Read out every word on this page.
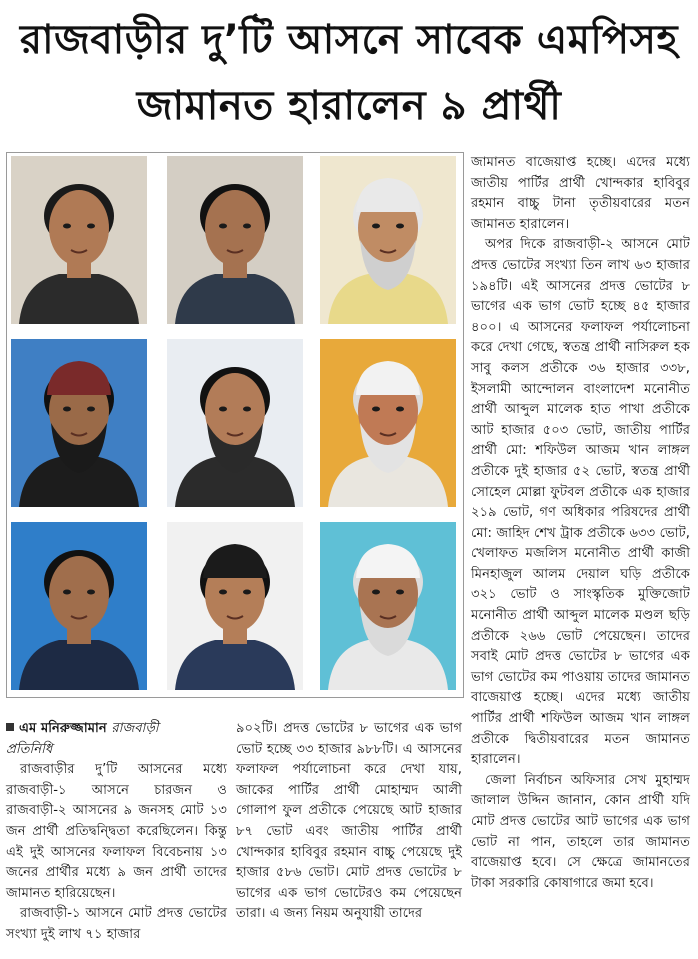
রাজবাড়ীর দু’টি আসনে সাবেক এমপিসহ
জামানত হারালেন ৯ প্রার্থী

এম মনিরুজ্জামান রাজবাড়ী

প্রতিনিধি

রাজবাড়ীর দু’টি আসনের মধ্যে রাজবাড়ী-১ আসনে চারজন ও রাজবাড়ী-২ আসনের ৯ জনসহ মোট ১৩ জন প্রার্থী প্রতিদ্বন্দ্বিতা করেছিলেন। কিন্তু এই দুই আসনের ফলাফল বিবেচনায় ১৩ জনের প্রার্থীর মধ্যে ৯ জন প্রার্থী তাদের জামানত হারিয়েছেন।

রাজবাড়ী-১ আসনে মোট প্রদত্ত ভোটের সংখ্যা দুই লাখ ৭১ হাজার

৯০২টি। প্রদত্ত ভোটের ৮ ভাগের এক ভাগ ভোট হচ্ছে ৩৩ হাজার ৯৮৮টি। এ আসনের ফলাফল পর্যালোচনা করে দেখা যায়, জাকের পার্টির প্রার্থী মোহাম্মদ আলী গোলাপ ফুল প্রতীকে পেয়েছে আট হাজার ৮৭ ভোট এবং জাতীয় পার্টির প্রার্থী খোন্দকার হাবিবুর রহমান বাচ্চু পেয়েছে দুই হাজার ৫৮৬ ভোট। মোট প্রদত্ত ভোটের ৮ ভাগের এক ভাগ ভোটেরও কম পেয়েছেন তারা। এ জন্য নিয়ম অনুযায়ী তাদের

জামানত বাজেয়াপ্ত হচ্ছে। এদের মধ্যে জাতীয় পার্টির প্রার্থী খোন্দকার হাবিবুর রহমান বাচ্চু টানা তৃতীয়বারের মতন জামানত হারালেন।

অপর দিকে রাজবাড়ী-২ আসনে মোট প্রদত্ত ভোটের সংখ্যা তিন লাখ ৬৩ হাজার ১৯৪টি। এই আসনের প্রদত্ত ভোটের ৮ ভাগের এক ভাগ ভোট হচ্ছে ৪৫ হাজার ৪০০। এ আসনের ফলাফল পর্যালোচনা করে দেখা গেছে, স্বতন্ত্র প্রার্থী নাসিরুল হক সাবু কলস প্রতীকে ৩৬ হাজার ৩৩৮, ইসলামী আন্দোলন বাংলাদেশ মনোনীত প্রার্থী আব্দুল মালেক হাত পাখা প্রতীকে আট হাজার ৫০৩ ভোট, জাতীয় পার্টির প্রার্থী মো: শফিউল আজম খান লাঙ্গল প্রতীকে দুই হাজার ৫২ ভোট, স্বতন্ত্র প্রার্থী সোহেল মোল্লা ফুটবল প্রতীকে এক হাজার ২১৯ ভোট, গণ অধিকার পরিষদের প্রার্থী মো: জাহিদ শেখ ট্রাক প্রতীকে ৬৩৩ ভোট, খেলাফত মজলিস মনোনীত প্রার্থী কাজী মিনহাজুল আলম দেয়াল ঘড়ি প্রতীকে ৩২১ ভোট ও সাংস্কৃতিক মুক্তিজোট মনোনীত প্রার্থী আব্দুল মালেক মণ্ডল ছড়ি প্রতীকে ২৬৬ ভোট পেয়েছেন। তাদের সবাই মোট প্রদত্ত ভোটের ৮ ভাগের এক ভাগ ভোটের কম পাওয়ায় তাদের জামানত বাজেয়াপ্ত হচ্ছে। এদের মধ্যে জাতীয় পার্টির প্রার্থী শফিউল আজম খান লাঙ্গল প্রতীকে দ্বিতীয়বারের মতন জামানত হারালেন।

জেলা নির্বাচন অফিসার সেখ মুহাম্মদ জালাল উদ্দিন জানান, কোন প্রার্থী যদি মোট প্রদত্ত ভোটের আট ভাগের এক ভাগ ভোট না পান, তাহলে তার জামানত বাজেয়াপ্ত হবে। সে ক্ষেত্রে জামানতের টাকা সরকারি কোষাগারে জমা হবে।
